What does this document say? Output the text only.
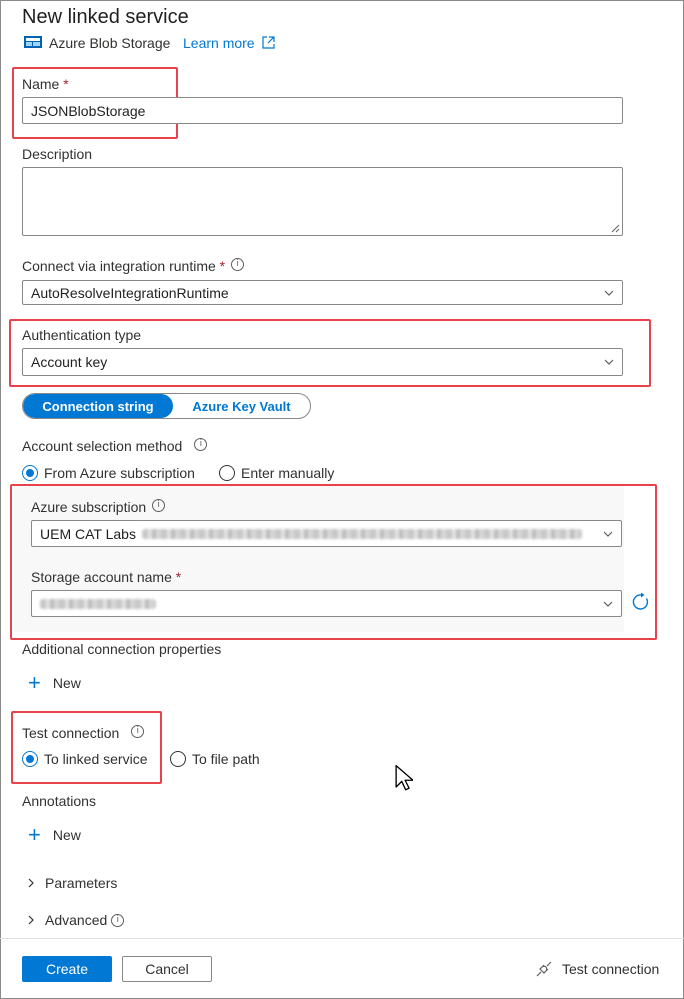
New linked service
Azure Blob Storage Learn more
Name *
JSONBlobStorage
Description
Connect via integration runtime * i
AutoResolveIntegrationRuntime
Authentication type
Account key
Connection string	Azure Key Vault
Account selection method i
From Azure subscription	Enter manually
Azure subscription i
UEM CAT Labs
Storage account name *
Additional connection properties
+ New
Test connection i
To linked service	To file path
Annotations
+ New
Parameters
Advanced	i
Create	Cancel	Test connection
